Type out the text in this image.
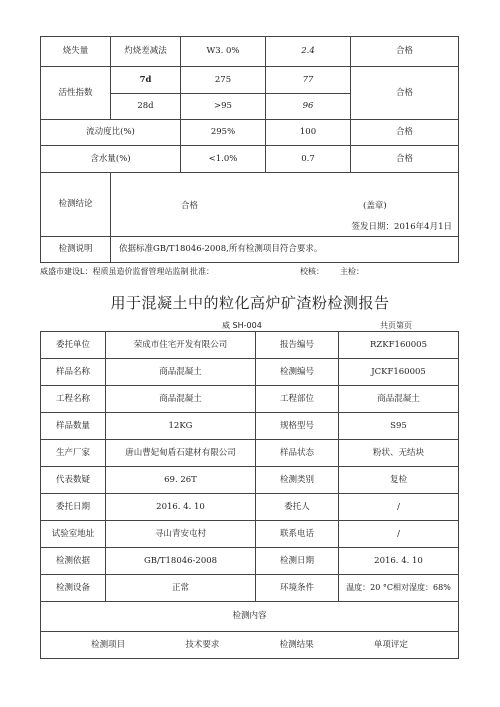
烧失量	灼烧差减法	W3. 0%	2.4	合格
活性指数	7d	275	77	合格
	28d	>95	96	
流动度比(%)		295%	100	合格
含水量(%)		<1.0%	0.7	合格
检测结论	合格 (盖章)
签发日期：2016年4月1日			

检测说明	依据标准GB/T18046-2008,所有检测项目符合要求。			
威盛市建设L：程质虽造价监督管理站监制 批准：	校核： 主检：
用于混凝土中的粒化高炉矿渣粉检测报告
威 SH-004	共页第页
委托单位	荣成市住宅开发有限公司	报告编号	RZKF160005
样品名称	商品混凝土	检测编号	JCKF160005
工程名称	商品混凝土	工程部位	商品混凝土
样品数量	12KG	规格型号	S95
生产厂家	唐山曹妃甸盾石建材有限公司	样品状态	粉状、无结块
代表数疑	69. 26T	检测类别	复检
委托日期	2016. 4. 10	委托人	/
试验室地址	寻山青安屯村	联系电话	/
检测依据	GB/T18046-2008	检测日期	2016. 4. 10
检测设备	正常	环境条件	温度：20 °C相对湿度：68%
检测内容			

检测项目 技术要求 检测结果 单项评定			
